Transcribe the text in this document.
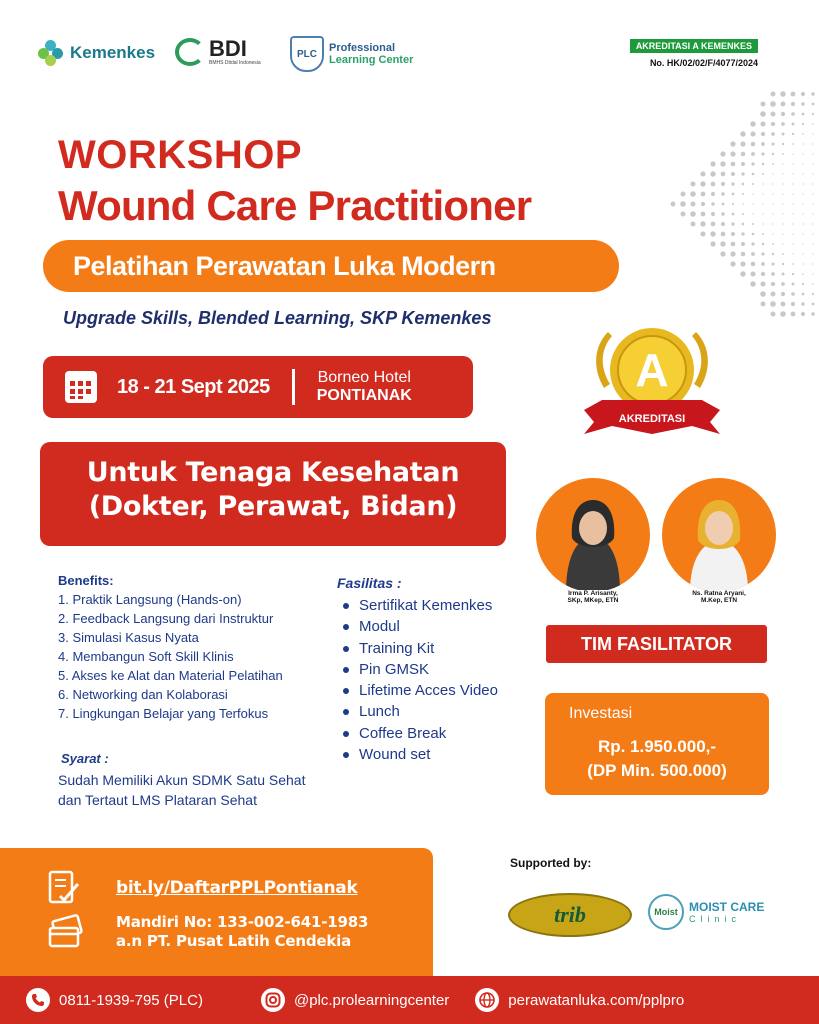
Kemenkes BDI
BMHS Ditdal Indonesia
PLC
Professional
Learning Center
AKREDITASI A KEMENKES
No. HK/02/02/F/4077/2024
WORKSHOP
Wound Care Practitioner
Pelatihan Perawatan Luka Modern
Upgrade Skills, Blended Learning, SKP Kemenkes
18 - 21 Sept 2025	Borneo Hotel
PONTIANAK	A
AKREDITASI
Untuk Tenaga Kesehatan
(Dokter, Perawat, Bidan)
Irma P. Arisanty,
SKp, MKep, ETN
Ns. Ratna Aryani,
M.Kep, ETN
TIM FASILITATOR
Investasi
Rp. 1.950.000,-
(DP Min. 500.000)
Benefits:
1. Praktik Langsung (Hands-on)
2. Feedback Langsung dari Instruktur
3. Simulasi Kasus Nyata
4. Membangun Soft Skill Klinis
5. Akses ke Alat dan Material Pelatihan
6. Networking dan Kolaborasi
7. Lingkungan Belajar yang Terfokus
Fasilitas :
Sertifikat Kemenkes
Modul
Training Kit
Pin GMSK
Lifetime Acces Video
Lunch
Coffee Break
Wound set
Syarat :
Sudah Memiliki Akun SDMK Satu Sehat dan Tertaut LMS Plataran Sehat
bit.ly/DaftarPPLPontianak
Mandiri No: 133-002-641-1983
a.n PT. Pusat Latih Cendekia
Supported by:
trib	Moist MOIST CARE
Clinic
0811-1939-795 (PLC)	@plc.prolearningcenter	perawatanluka.com/pplpro
